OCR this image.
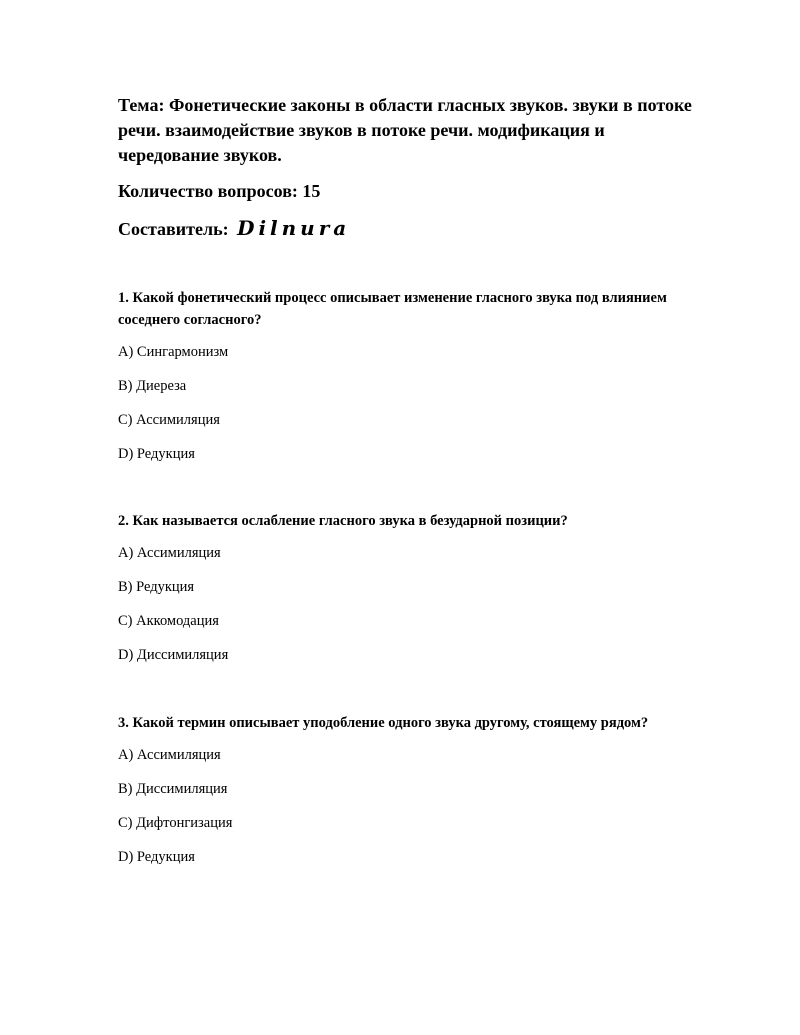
Тема: Фонетические законы в области гласных звуков. звуки в потоке речи. взаимодействие звуков в потоке речи. модификация и чередование звуков.

Количество вопросов: 15

Составитель: Dilnura

1. Какой фонетический процесс описывает изменение гласного звука под влиянием соседнего согласного?

A) Сингармонизм

B) Диереза

C) Ассимиляция

D) Редукция

2. Как называется ослабление гласного звука в безударной позиции?

A) Ассимиляция

B) Редукция

C) Аккомодация

D) Диссимиляция

3. Какой термин описывает уподобление одного звука другому, стоящему рядом?

A) Ассимиляция

B) Диссимиляция

C) Дифтонгизация

D) Редукция
